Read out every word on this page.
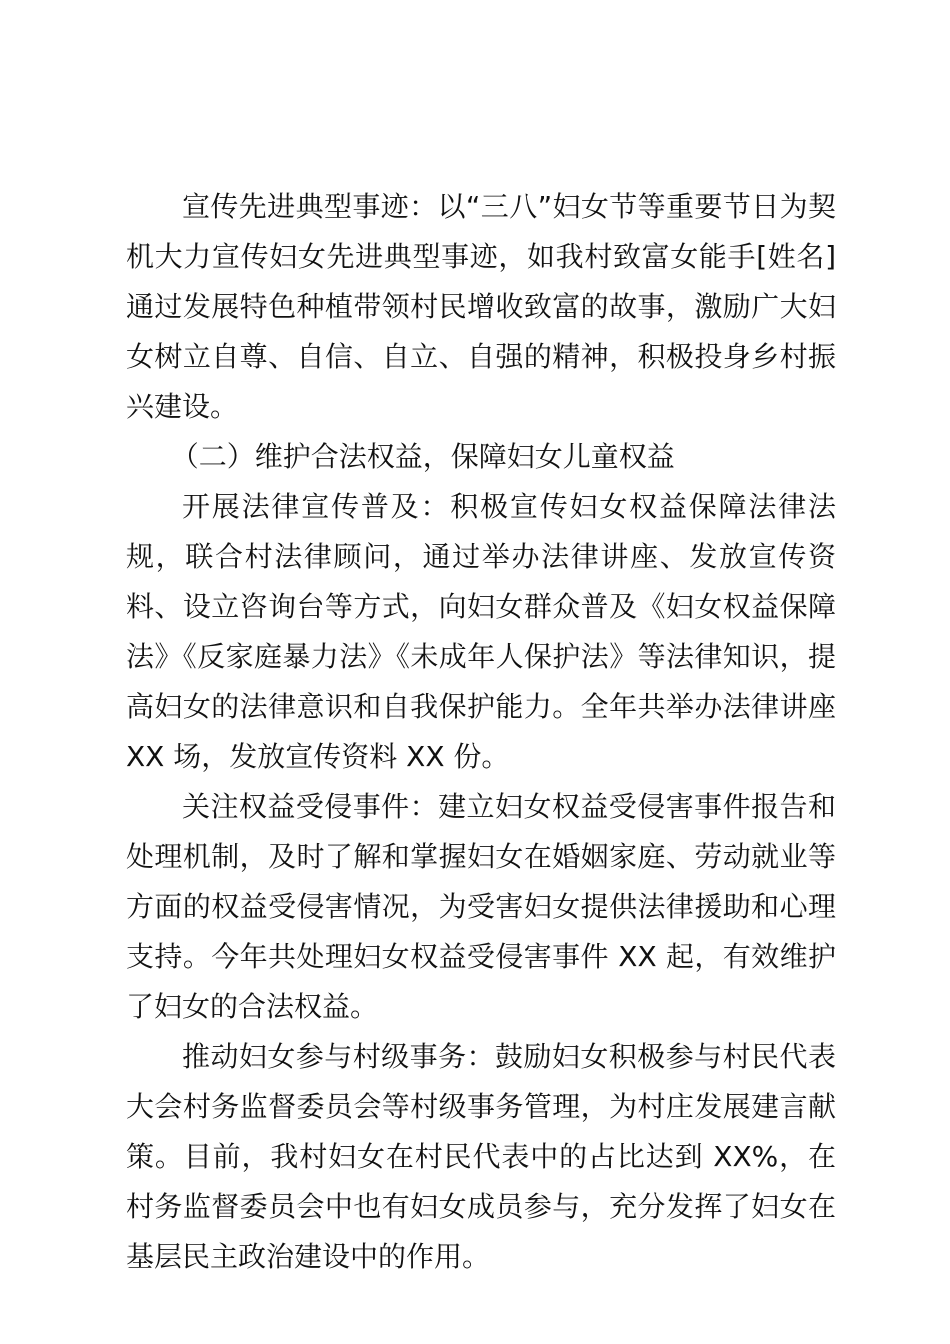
宣传先进典型事迹：以“三八”妇女节等重要节日为契机大力宣传妇女先进典型事迹，如我村致富女能手[姓名]通过发展特色种植带领村民增收致富的故事，激励广大妇女树立自尊、自信、自立、自强的精神，积极投身乡村振兴建设。

（二）维护合法权益，保障妇女儿童权益

开展法律宣传普及：积极宣传妇女权益保障法律法规，联合村法律顾问，通过举办法律讲座、发放宣传资料、设立咨询台等方式，向妇女群众普及《妇女权益保障法》《反家庭暴力法》《未成年人保护法》等法律知识，提高妇女的法律意识和自我保护能力。全年共举办法律讲座 XX 场，发放宣传资料 XX 份。

关注权益受侵事件：建立妇女权益受侵害事件报告和处理机制，及时了解和掌握妇女在婚姻家庭、劳动就业等方面的权益受侵害情况，为受害妇女提供法律援助和心理支持。今年共处理妇女权益受侵害事件 XX 起，有效维护了妇女的合法权益。

推动妇女参与村级事务：鼓励妇女积极参与村民代表大会村务监督委员会等村级事务管理，为村庄发展建言献策。目前，我村妇女在村民代表中的占比达到 XX%，在村务监督委员会中也有妇女成员参与，充分发挥了妇女在基层民主政治建设中的作用。
